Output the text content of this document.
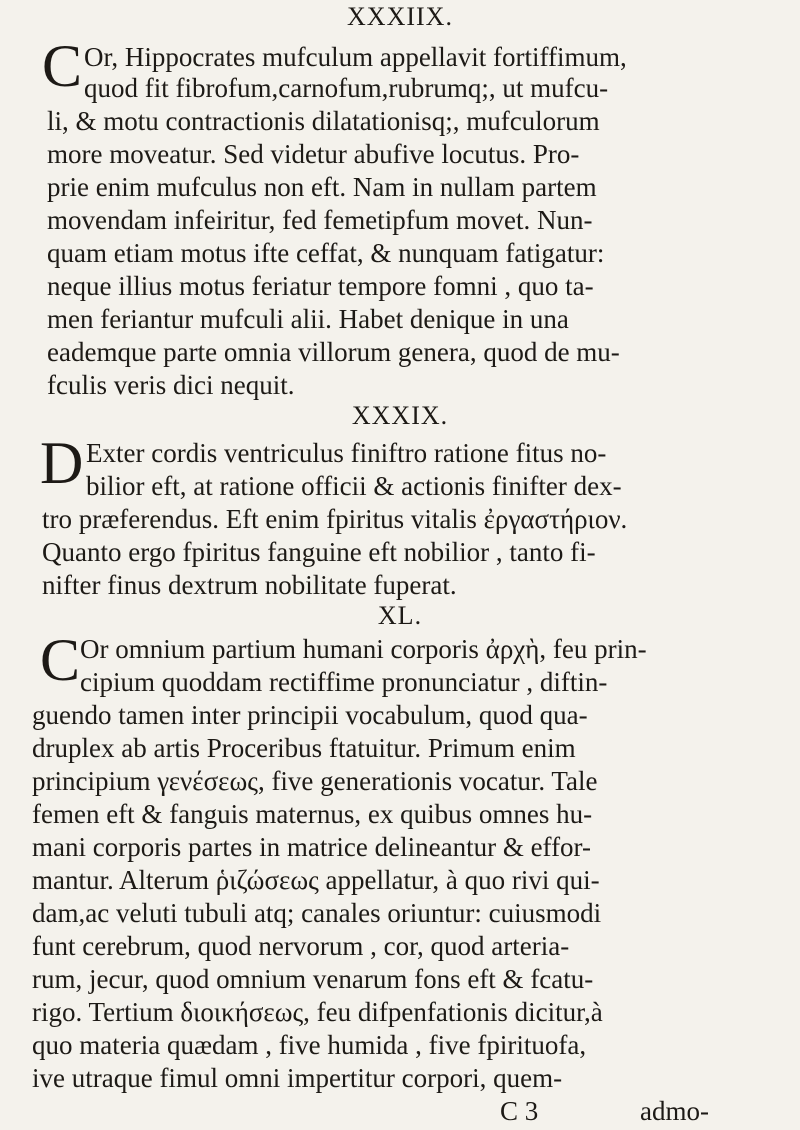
XXXIIX.
C Or, Hippocrates mufculum appellavit fortiffimum,
quod fit fibrofum,carnofum,rubrumq;, ut mufcu-
li, & motu contractionis dilatationisq;, mufculorum
more moveatur. Sed videtur abufive locutus. Pro-
prie enim mufculus non eft. Nam in nullam partem
movendam infeiritur, fed femetipfum movet. Nun-
quam etiam motus ifte ceffat, & nunquam fatigatur:
neque illius motus feriatur tempore fomni , quo ta-
men feriantur mufculi alii. Habet denique in una
eademque parte omnia villorum genera, quod de mu-
fculis veris dici nequit.
XXXIX.
D Exter cordis ventriculus finiftro ratione fitus no-
bilior eft, at ratione officii & actionis finifter dex-
tro præferendus. Eft enim fpiritus vitalis ἐργαστήριον.
Quanto ergo fpiritus fanguine eft nobilior , tanto fi-
nifter finus dextrum nobilitate fuperat.
XL.
C Or omnium partium humani corporis ἀρχὴ, feu prin-
cipium quoddam rectiffime pronunciatur , diftin-
guendo tamen inter principii vocabulum, quod qua-
druplex ab artis Proceribus ftatuitur. Primum enim
principium γενέσεως, five generationis vocatur. Tale
femen eft & fanguis maternus, ex quibus omnes hu-
mani corporis partes in matrice delineantur & effor-
mantur. Alterum ῥιζώσεως appellatur, à quo rivi qui-
dam,ac veluti tubuli atq; canales oriuntur: cuiusmodi
funt cerebrum, quod nervorum , cor, quod arteria-
rum, jecur, quod omnium venarum fons eft & fcatu-
rigo. Tertium διοικήσεως, feu difpenfationis dicitur,à
quo materia quædam , five humida , five fpirituofa,
ive utraque fimul omni impertitur corpori, quem-
C 3	admo-
